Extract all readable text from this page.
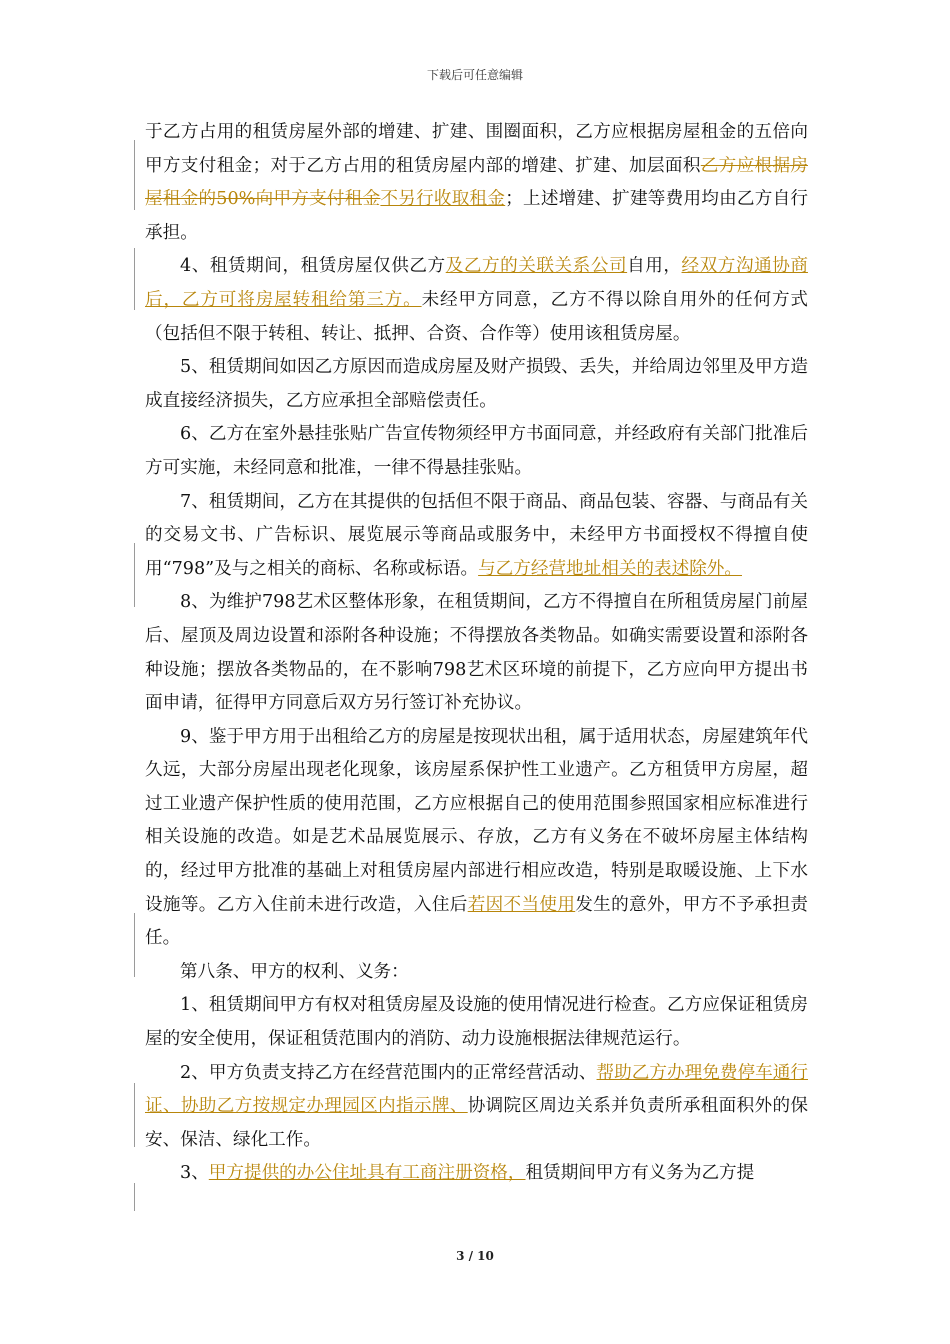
下载后可任意编辑

于乙方占用的租赁房屋外部的增建、扩建、围圈面积，乙方应根据房屋租金的五倍向甲方支付租金；对于乙方占用的租赁房屋内部的增建、扩建、加层面积乙方应根据房屋租金的50%向甲方支付租金不另行收取租金；上述增建、扩建等费用均由乙方自行承担。

4、租赁期间，租赁房屋仅供乙方及乙方的关联关系公司自用，经双方沟通协商后，乙方可将房屋转租给第三方。未经甲方同意，乙方不得以除自用外的任何方式（包括但不限于转租、转让、抵押、合资、合作等）使用该租赁房屋。

5、租赁期间如因乙方原因而造成房屋及财产损毁、丢失，并给周边邻里及甲方造成直接经济损失，乙方应承担全部赔偿责任。

6、乙方在室外悬挂张贴广告宣传物须经甲方书面同意，并经政府有关部门批准后方可实施，未经同意和批准，一律不得悬挂张贴。

7、租赁期间，乙方在其提供的包括但不限于商品、商品包装、容器、与商品有关的交易文书、广告标识、展览展示等商品或服务中，未经甲方书面授权不得擅自使用“798”及与之相关的商标、名称或标语。与乙方经营地址相关的表述除外。

8、为维护798艺术区整体形象，在租赁期间，乙方不得擅自在所租赁房屋门前屋后、屋顶及周边设置和添附各种设施；不得摆放各类物品。如确实需要设置和添附各种设施；摆放各类物品的，在不影响798艺术区环境的前提下，乙方应向甲方提出书面申请，征得甲方同意后双方另行签订补充协议。

9、鉴于甲方用于出租给乙方的房屋是按现状出租，属于适用状态，房屋建筑年代久远，大部分房屋出现老化现象，该房屋系保护性工业遗产。乙方租赁甲方房屋，超过工业遗产保护性质的使用范围，乙方应根据自己的使用范围参照国家相应标准进行相关设施的改造。如是艺术品展览展示、存放，乙方有义务在不破坏房屋主体结构的，经过甲方批准的基础上对租赁房屋内部进行相应改造，特别是取暖设施、上下水设施等。乙方入住前未进行改造，入住后若因不当使用发生的意外，甲方不予承担责任。

第八条、甲方的权利、义务：

1、租赁期间甲方有权对租赁房屋及设施的使用情况进行检查。乙方应保证租赁房屋的安全使用，保证租赁范围内的消防、动力设施根据法律规范运行。

2、甲方负责支持乙方在经营范围内的正常经营活动、帮助乙方办理免费停车通行证、协助乙方按规定办理园区内指示牌、协调院区周边关系并负责所承租面积外的保安、保洁、绿化工作。

3、甲方提供的办公住址具有工商注册资格，租赁期间甲方有义务为乙方提

3 / 10
